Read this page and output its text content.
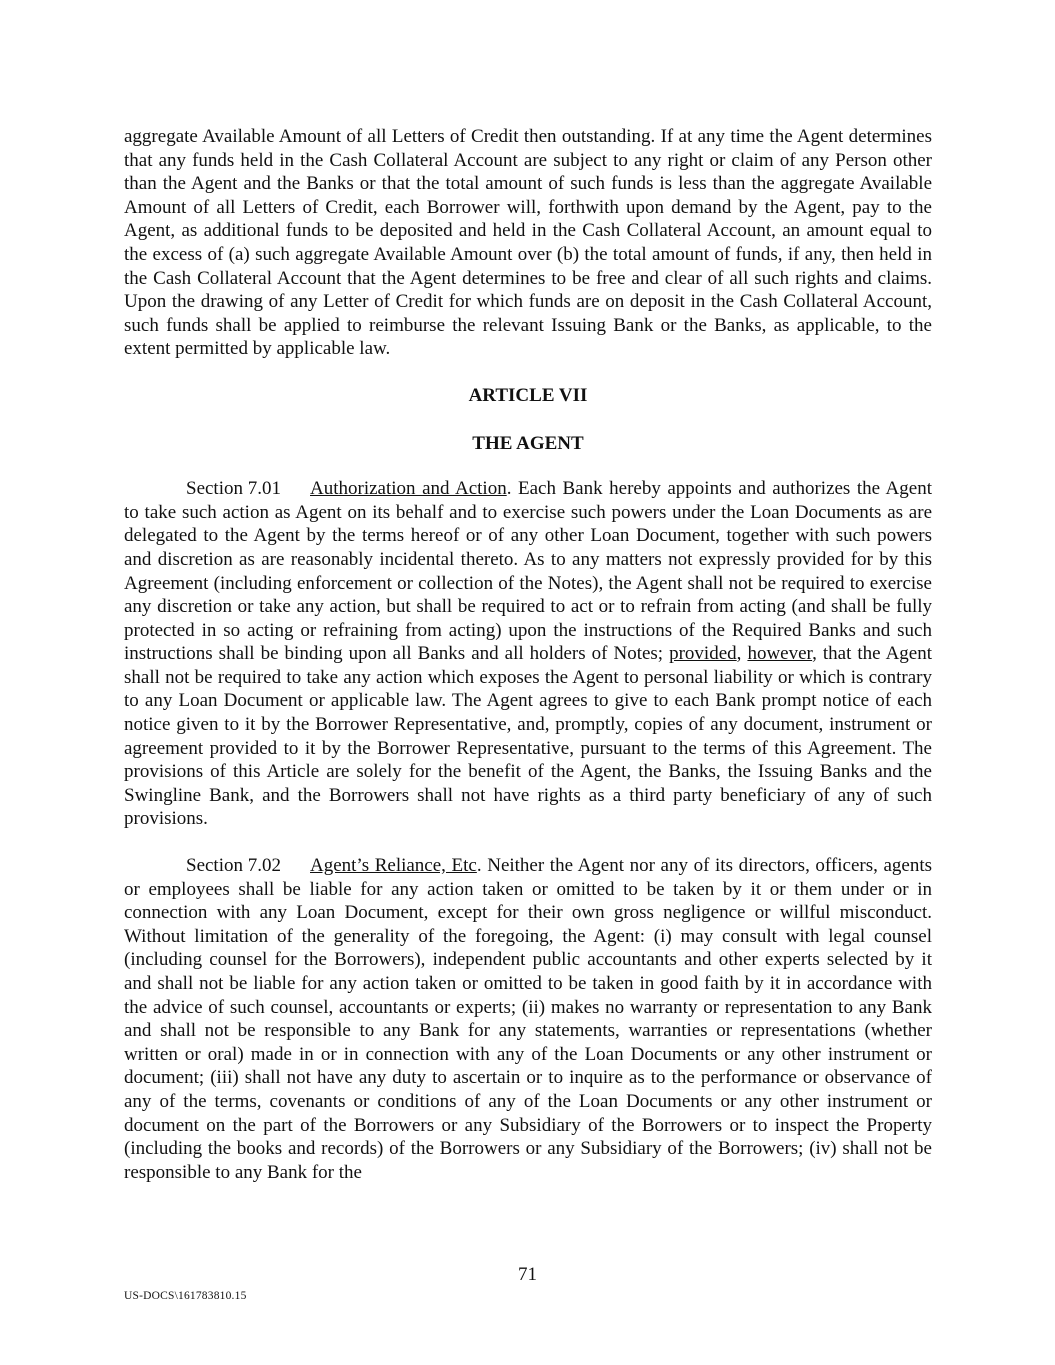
aggregate Available Amount of all Letters of Credit then outstanding. If at any time the Agent determines that any funds held in the Cash Collateral Account are subject to any right or claim of any Person other than the Agent and the Banks or that the total amount of such funds is less than the aggregate Available Amount of all Letters of Credit, each Borrower will, forthwith upon demand by the Agent, pay to the Agent, as additional funds to be deposited and held in the Cash Collateral Account, an amount equal to the excess of (a) such aggregate Available Amount over (b) the total amount of funds, if any, then held in the Cash Collateral Account that the Agent determines to be free and clear of all such rights and claims. Upon the drawing of any Letter of Credit for which funds are on deposit in the Cash Collateral Account, such funds shall be applied to reimburse the relevant Issuing Bank or the Banks, as applicable, to the extent permitted by applicable law.

ARTICLE VII

THE AGENT

Section 7.01 Authorization and Action. Each Bank hereby appoints and authorizes the Agent to take such action as Agent on its behalf and to exercise such powers under the Loan Documents as are delegated to the Agent by the terms hereof or of any other Loan Document, together with such powers and discretion as are reasonably incidental thereto. As to any matters not expressly provided for by this Agreement (including enforcement or collection of the Notes), the Agent shall not be required to exercise any discretion or take any action, but shall be required to act or to refrain from acting (and shall be fully protected in so acting or refraining from acting) upon the instructions of the Required Banks and such instructions shall be binding upon all Banks and all holders of Notes; provided, however, that the Agent shall not be required to take any action which exposes the Agent to personal liability or which is contrary to any Loan Document or applicable law. The Agent agrees to give to each Bank prompt notice of each notice given to it by the Borrower Representative, and, promptly, copies of any document, instrument or agreement provided to it by the Borrower Representative, pursuant to the terms of this Agreement. The provisions of this Article are solely for the benefit of the Agent, the Banks, the Issuing Banks and the Swingline Bank, and the Borrowers shall not have rights as a third party beneficiary of any of such provisions.

Section 7.02 Agent’s Reliance, Etc. Neither the Agent nor any of its directors, officers, agents or employees shall be liable for any action taken or omitted to be taken by it or them under or in connection with any Loan Document, except for their own gross negligence or willful misconduct. Without limitation of the generality of the foregoing, the Agent: (i) may consult with legal counsel (including counsel for the Borrowers), independent public accountants and other experts selected by it and shall not be liable for any action taken or omitted to be taken in good faith by it in accordance with the advice of such counsel, accountants or experts; (ii) makes no warranty or representation to any Bank and shall not be responsible to any Bank for any statements, warranties or representations (whether written or oral) made in or in connection with any of the Loan Documents or any other instrument or document; (iii) shall not have any duty to ascertain or to inquire as to the performance or observance of any of the terms, covenants or conditions of any of the Loan Documents or any other instrument or document on the part of the Borrowers or any Subsidiary of the Borrowers or to inspect the Property (including the books and records) of the Borrowers or any Subsidiary of the Borrowers; (iv) shall not be responsible to any Bank for the

71
US-DOCS\161783810.15
